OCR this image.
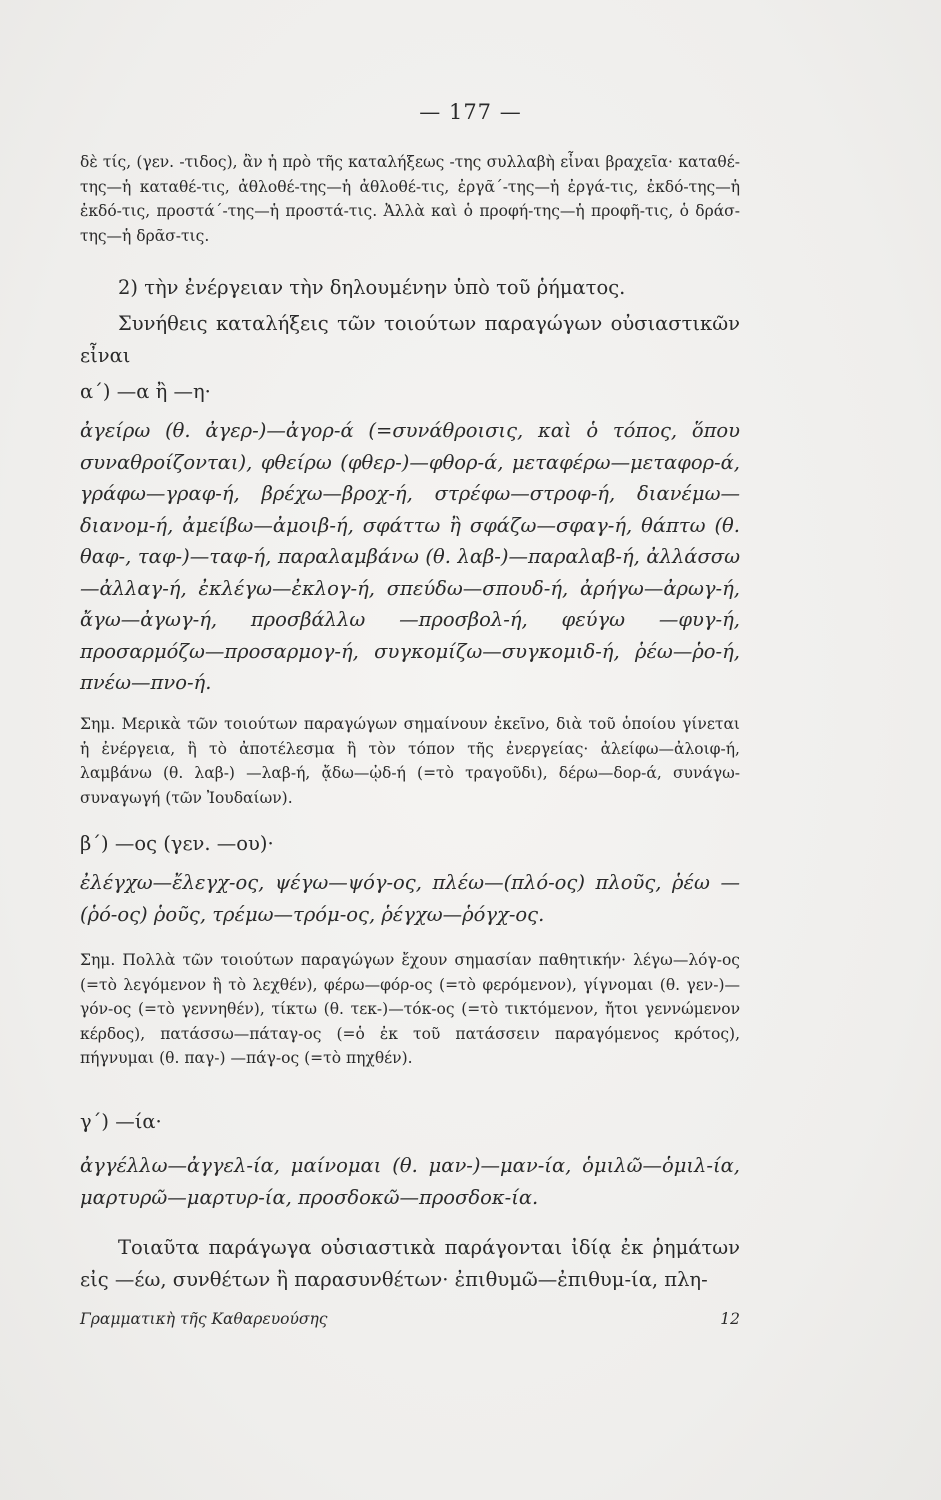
— 177 —
δὲ τίς, (γεν. -τιδος), ἂν ἡ πρὸ τῆς καταλήξεως -της συλλαβὴ εἶναι βραχεῖα· καταθέ-της—ἡ καταθέ-τις, ἀθλοθέ-της—ἡ ἀθλοθέ-τις, ἐργᾶ΄-της—ἡ ἐργά-τις, ἐκδό-της—ἡ ἐκδό-τις, προστά΄-της—ἡ προστά-τις. Ἀλλὰ καὶ ὁ προφή-της—ἡ προφῆ-τις, ὁ δράσ-της—ἡ δρᾶσ-τις.
2) τὴν ἐνέργειαν τὴν δηλουμένην ὑπὸ τοῦ ῥήματος.
Συνήθεις καταλήξεις τῶν τοιούτων παραγώγων οὐσιαστικῶν εἶναι
α΄) —α ἢ —η·
ἀγείρω (θ. ἀγερ-)—ἀγορ-ά (=συνάθροισις, καὶ ὁ τόπος, ὅπου συναθροίζονται), φθείρω (φθερ-)—φθορ-ά, μεταφέρω—μεταφορ-ά, γράφω—γραφ-ή, βρέχω—βροχ-ή, στρέφω—στροφ-ή, διανέμω—διανομ-ή, ἀμείβω—ἀμοιβ-ή, σφάττω ἢ σφάζω—σφαγ-ή, θάπτω (θ. θαφ-, ταφ-)—ταφ-ή, παραλαμβάνω (θ. λαβ-)—παραλαβ-ή, ἀλλάσσω—ἀλλαγ-ή, ἐκλέγω—ἐκλογ-ή, σπεύδω—σπουδ-ή, ἀρήγω—ἀρωγ-ή, ἄγω—ἀγωγ-ή, προσβάλλω —προσβολ-ή, φεύγω —φυγ-ή, προσαρμόζω—προσαρμογ-ή, συγκομίζω—συγκομιδ-ή, ῥέω—ῥο-ή, πνέω—πνο-ή.
Σημ. Μερικὰ τῶν τοιούτων παραγώγων σημαίνουν ἐκεῖνο, διὰ τοῦ ὁποίου γίνεται ἡ ἐνέργεια, ἢ τὸ ἀποτέλεσμα ἢ τὸν τόπον τῆς ἐνεργείας· ἀλείφω—ἀλοιφ-ή, λαμβάνω (θ. λαβ-) —λαβ-ή, ᾄδω—ᾠδ-ή (=τὸ τραγοῦδι), δέρω—δορ-ά, συνάγω-συναγωγή (τῶν Ἰουδαίων).
β΄) —ος (γεν. —ου)·
ἐλέγχω—ἔλεγχ-ος, ψέγω—ψόγ-ος, πλέω—(πλό-ος) πλοῦς, ῥέω —(ῥό-ος) ῥοῦς, τρέμω—τρόμ-ος, ῥέγχω—ῥόγχ-ος.
Σημ. Πολλὰ τῶν τοιούτων παραγώγων ἔχουν σημασίαν παθητικήν· λέγω—λόγ-ος (=τὸ λεγόμενον ἢ τὸ λεχθέν), φέρω—φόρ-ος (=τὸ φερόμενον), γίγνομαι (θ. γεν-)—γόν-ος (=τὸ γεννηθέν), τίκτω (θ. τεκ-)—τόκ-ος (=τὸ τικτόμενον, ἤτοι γεννώμενον κέρδος), πατάσσω—πάταγ-ος (=ὁ ἐκ τοῦ πατάσσειν παραγόμενος κρότος), πήγνυμαι (θ. παγ-) —πάγ-ος (=τὸ πηχθέν).
γ΄) —ία·
ἀγγέλλω—ἀγγελ-ία, μαίνομαι (θ. μαν-)—μαν-ία, ὁμιλῶ—ὁμιλ-ία, μαρτυρῶ—μαρτυρ-ία, προσδοκῶ—προσδοκ-ία.
Τοιαῦτα παράγωγα οὐσιαστικὰ παράγονται ἰδίᾳ ἐκ ῥημάτων εἰς —έω, συνθέτων ἢ παρασυνθέτων· ἐπιθυμῶ—ἐπιθυμ-ία, πλη-
Γραμματικὴ τῆς Καθαρευούσης	12
